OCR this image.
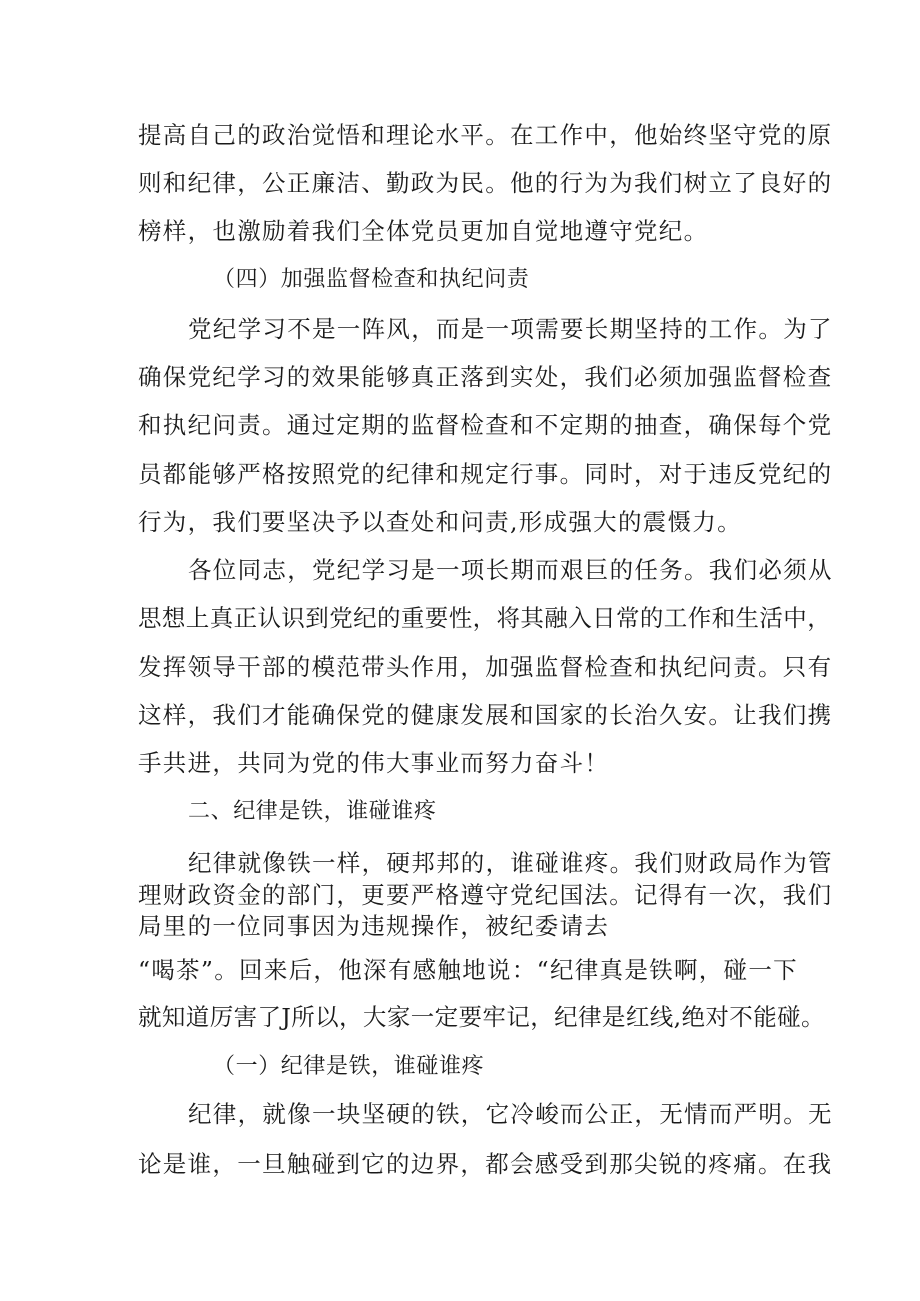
提高自己的政治觉悟和理论水平。在工作中，他始终坚守党的原
则和纪律，公正廉洁、勤政为民。他的行为为我们树立了良好的
榜样，也激励着我们全体党员更加自觉地遵守党纪。
（四）加强监督检查和执纪问责
党纪学习不是一阵风，而是一项需要长期坚持的工作。为了
确保党纪学习的效果能够真正落到实处，我们必须加强监督检查
和执纪问责。通过定期的监督检查和不定期的抽查，确保每个党
员都能够严格按照党的纪律和规定行事。同时，对于违反党纪的
行为，我们要坚决予以查处和问责,形成强大的震慑力。
各位同志，党纪学习是一项长期而艰巨的任务。我们必须从
思想上真正认识到党纪的重要性，将其融入日常的工作和生活中，
发挥领导干部的模范带头作用，加强监督检查和执纪问责。只有
这样，我们才能确保党的健康发展和国家的长治久安。让我们携
手共进，共同为党的伟大事业而努力奋斗！
二、纪律是铁，谁碰谁疼
纪律就像铁一样，硬邦邦的，谁碰谁疼。我们财政局作为管
理财政资金的部门，更要严格遵守党纪国法。记得有一次，我们
局里的一位同事因为违规操作，被纪委请去
“喝茶”。回来后，他深有感触地说：“纪律真是铁啊，碰一下
就知道厉害了J所以，大家一定要牢记，纪律是红线,绝对不能碰。
（一）纪律是铁，谁碰谁疼
纪律，就像一块坚硬的铁，它冷峻而公正，无情而严明。无
论是谁，一旦触碰到它的边界，都会感受到那尖锐的疼痛。在我
